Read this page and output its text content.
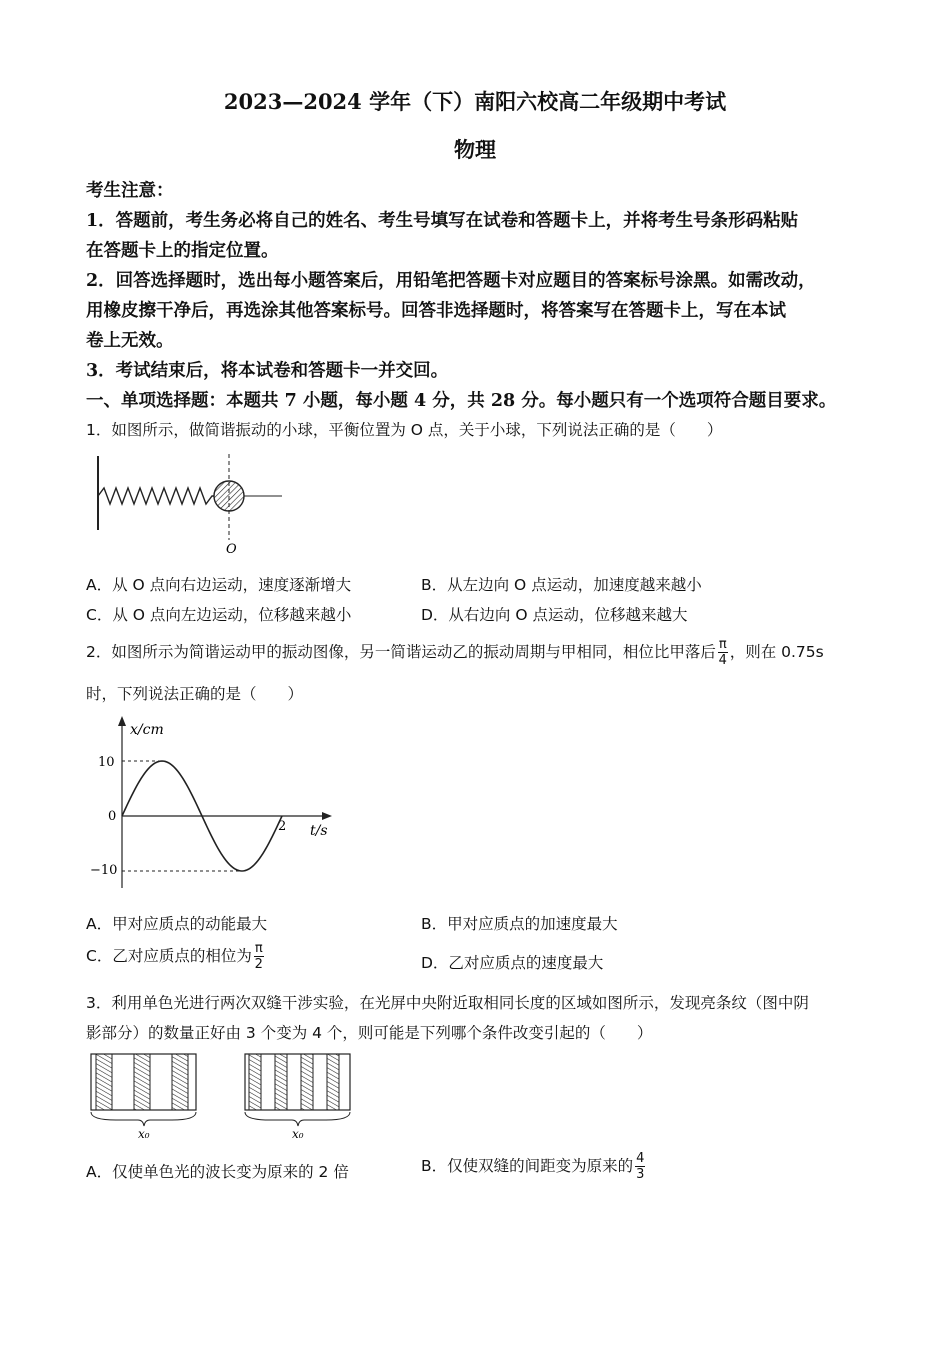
2023—2024 学年（下）南阳六校高二年级期中考试
物理
考生注意：
1．答题前，考生务必将自己的姓名、考生号填写在试卷和答题卡上，并将考生号条形码粘贴
在答题卡上的指定位置。
2．回答选择题时，选出每小题答案后，用铅笔把答题卡对应题目的答案标号涂黑。如需改动，
用橡皮擦干净后，再选涂其他答案标号。回答非选择题时，将答案写在答题卡上，写在本试
卷上无效。
3．考试结束后，将本试卷和答题卡一并交回。
一、单项选择题：本题共 7 小题，每小题 4 分，共 28 分。每小题只有一个选项符合题目要求。
1．如图所示，做简谐振动的小球，平衡位置为 O 点，关于小球，下列说法正确的是（　　）
O
A．从 O 点向右边运动，速度逐渐增大	B．从左边向 O 点运动，加速度越来越小
C．从 O 点向左边运动，位移越来越小	D．从右边向 O 点运动，位移越来越大
2．如图所示为简谐运动甲的振动图像，另一简谐运动乙的振动周期与甲相同，相位比甲落后 $\frac{\pi}{4}$ ，则在 0.75s
时，下列说法正确的是（　　）
x/cm
t/s
10
0
−10
2
A．甲对应质点的动能最大	B．甲对应质点的加速度最大
C．乙对应质点的相位为 $\frac{\pi}{2}$	D．乙对应质点的速度最大
3．利用单色光进行两次双缝干涉实验，在光屏中央附近取相同长度的区域如图所示，发现亮条纹（图中阴
影部分）的数量正好由 3 个变为 4 个，则可能是下列哪个条件改变引起的（　　）
x₀	x₀
A．仅使单色光的波长变为原来的 2 倍	B．仅使双缝的间距变为原来的 $\frac{4}{3}$
